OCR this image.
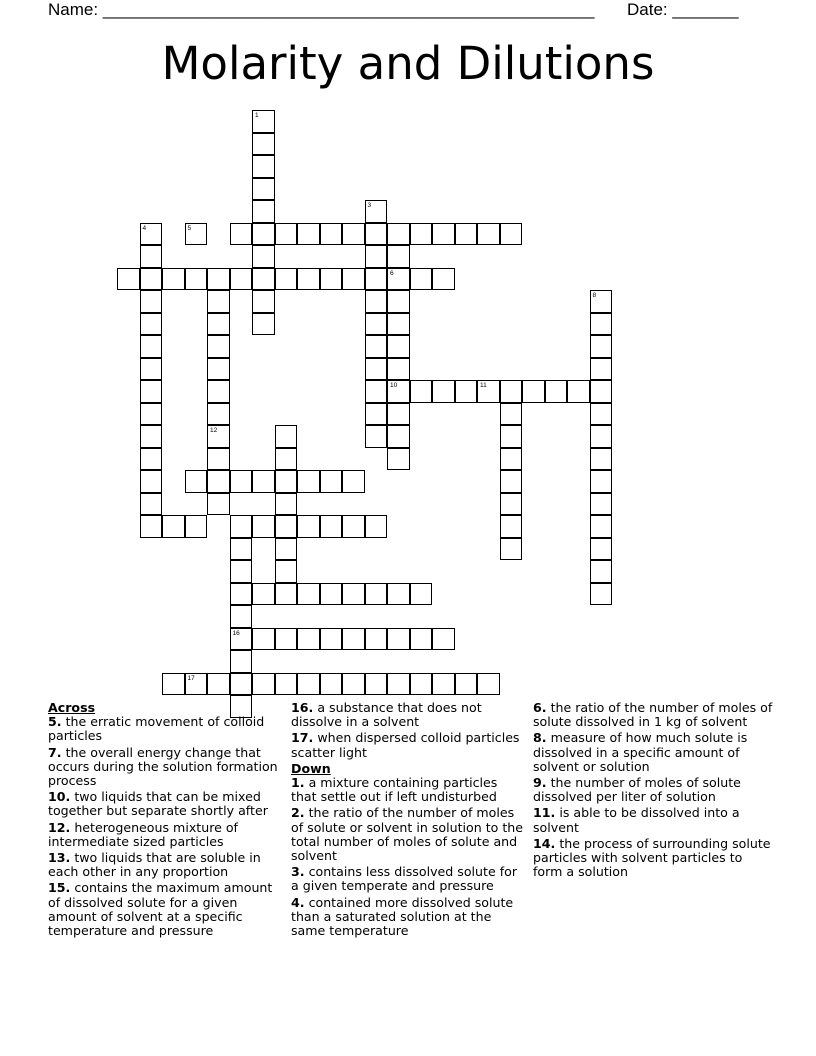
Name: ____________________________________________________ Date: _______
Molarity and Dilutions
6
12
1
3
4	5
10
8
11
16
17
Across
5. the erratic movement of colloid particles
7. the overall energy change that occurs during the solution formation process
10. two liquids that can be mixed together but separate shortly after
12. heterogeneous mixture of intermediate sized particles
13. two liquids that are soluble in each other in any proportion
15. contains the maximum amount of dissolved solute for a given amount of solvent at a specific temperature and pressure
16. a substance that does not dissolve in a solvent
17. when dispersed colloid particles scatter light
Down
1. a mixture containing particles that settle out if left undisturbed
2. the ratio of the number of moles of solute or solvent in solution to the total number of moles of solute and solvent
3. contains less dissolved solute for a given temperate and pressure
4. contained more dissolved solute than a saturated solution at the same temperature
6. the ratio of the number of moles of solute dissolved in 1 kg of solvent
8. measure of how much solute is dissolved in a specific amount of solvent or solution
9. the number of moles of solute dissolved per liter of solution
11. is able to be dissolved into a solvent
14. the process of surrounding solute particles with solvent particles to form a solution
